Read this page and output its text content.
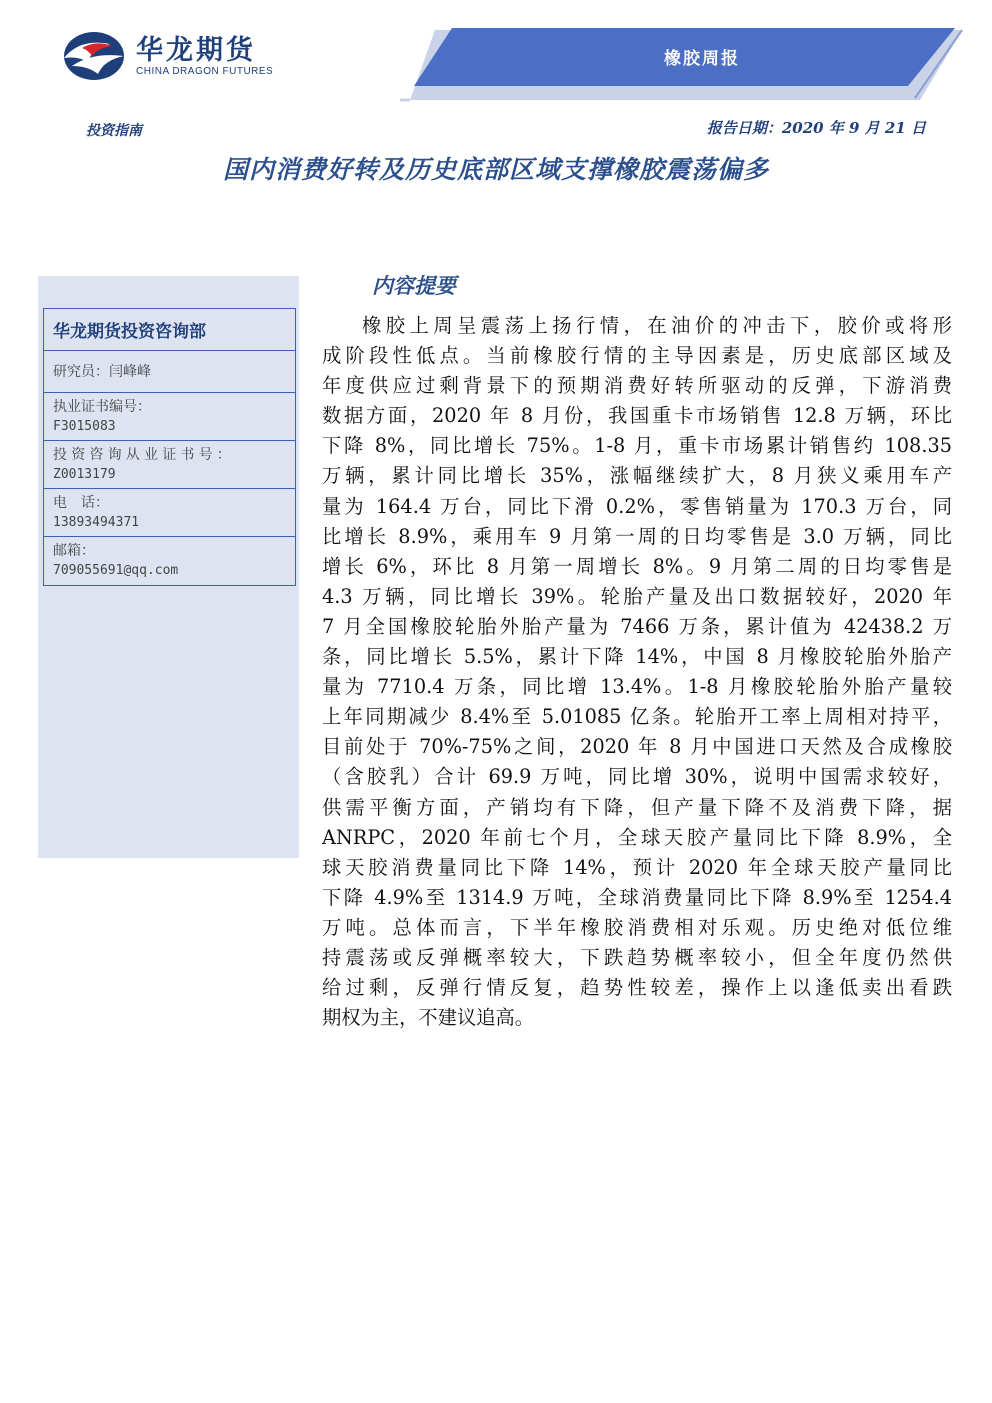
华龙期货
CHINA DRAGON FUTURES
橡胶周报
投资指南	报告日期：2020 年 9 月 21 日
国内消费好转及历史底部区域支撑橡胶震荡偏多
华龙期货投资咨询部
研究员：闫峰峰
执业证书编号：
F3015083
投资咨询从业证书号：
Z0013179
电　话：
13893494371
邮箱：
709055691@qq.com
内容提要
橡胶上周呈震荡上扬行情，在油价的冲击下，胶价或将形
成阶段性低点。当前橡胶行情的主导因素是，历史底部区域及
年度供应过剩背景下的预期消费好转所驱动的反弹，下游消费
数据方面，2020 年 8 月份，我国重卡市场销售 12.8 万辆，环比
下降 8%，同比增长 75%。1-8 月，重卡市场累计销售约 108.35
万辆，累计同比增长 35%，涨幅继续扩大，8 月狭义乘用车产
量为 164.4 万台，同比下滑 0.2%，零售销量为 170.3 万台，同
比增长 8.9%，乘用车 9 月第一周的日均零售是 3.0 万辆，同比
增长 6%，环比 8 月第一周增长 8%。9 月第二周的日均零售是
4.3 万辆，同比增长 39%。轮胎产量及出口数据较好，2020 年
7 月全国橡胶轮胎外胎产量为 7466 万条，累计值为 42438.2 万
条，同比增长 5.5%，累计下降 14%，中国 8 月橡胶轮胎外胎产
量为 7710.4 万条，同比增 13.4%。1-8 月橡胶轮胎外胎产量较
上年同期减少 8.4%至 5.01085 亿条。轮胎开工率上周相对持平，
目前处于 70%-75%之间，2020 年 8 月中国进口天然及合成橡胶
（含胶乳）合计 69.9 万吨，同比增 30%，说明中国需求较好，
供需平衡方面，产销均有下降，但产量下降不及消费下降，据
ANRPC，2020 年前七个月，全球天胶产量同比下降 8.9%，全
球天胶消费量同比下降 14%，预计 2020 年全球天胶产量同比
下降 4.9%至 1314.9 万吨，全球消费量同比下降 8.9%至 1254.4
万吨。总体而言，下半年橡胶消费相对乐观。历史绝对低位维
持震荡或反弹概率较大，下跌趋势概率较小，但全年度仍然供
给过剩，反弹行情反复，趋势性较差，操作上以逢低卖出看跌
期权为主，不建议追高。
